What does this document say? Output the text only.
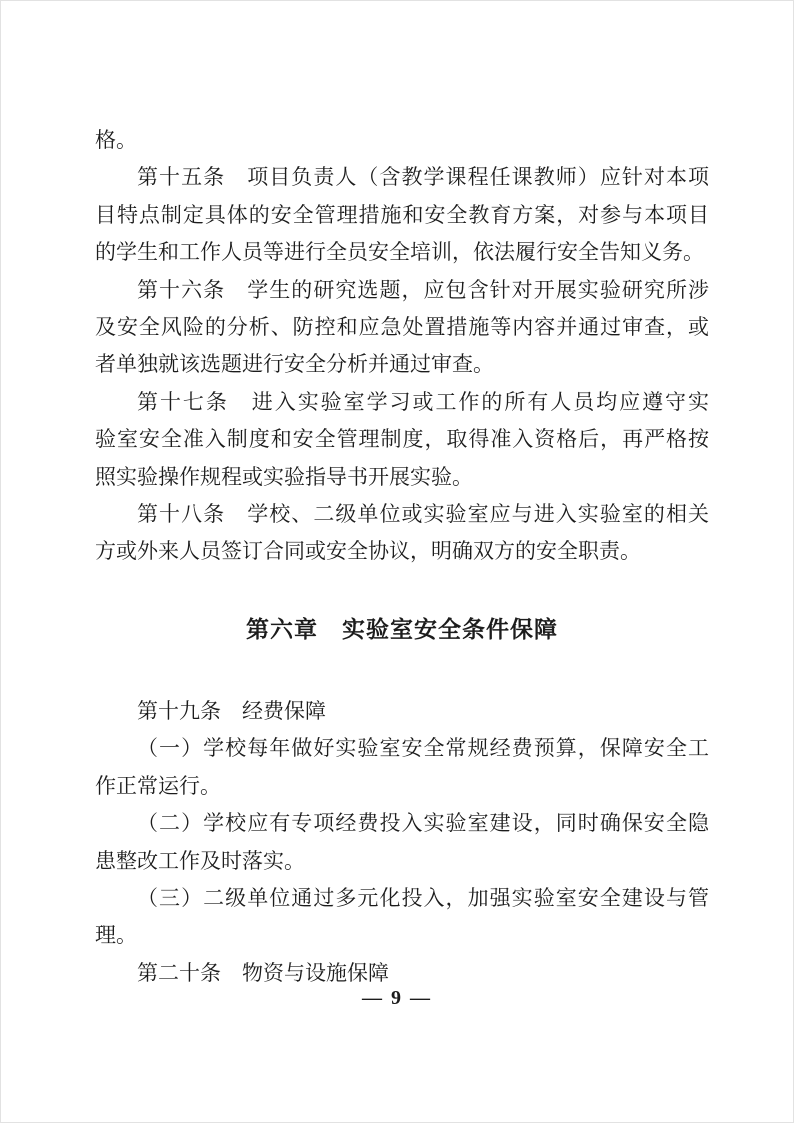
格。
第十五条　项目负责人（含教学课程任课教师）应针对本项
目特点制定具体的安全管理措施和安全教育方案，对参与本项目
的学生和工作人员等进行全员安全培训，依法履行安全告知义务。
第十六条　学生的研究选题，应包含针对开展实验研究所涉
及安全风险的分析、防控和应急处置措施等内容并通过审查，或
者单独就该选题进行安全分析并通过审查。
第十七条　进入实验室学习或工作的所有人员均应遵守实
验室安全准入制度和安全管理制度，取得准入资格后，再严格按
照实验操作规程或实验指导书开展实验。
第十八条　学校、二级单位或实验室应与进入实验室的相关
方或外来人员签订合同或安全协议，明确双方的安全职责。
第六章　实验室安全条件保障
第十九条　经费保障
（一）学校每年做好实验室安全常规经费预算，保障安全工
作正常运行。
（二）学校应有专项经费投入实验室建设，同时确保安全隐
患整改工作及时落实。
（三）二级单位通过多元化投入，加强实验室安全建设与管
理。
第二十条　物资与设施保障
— 9 —
